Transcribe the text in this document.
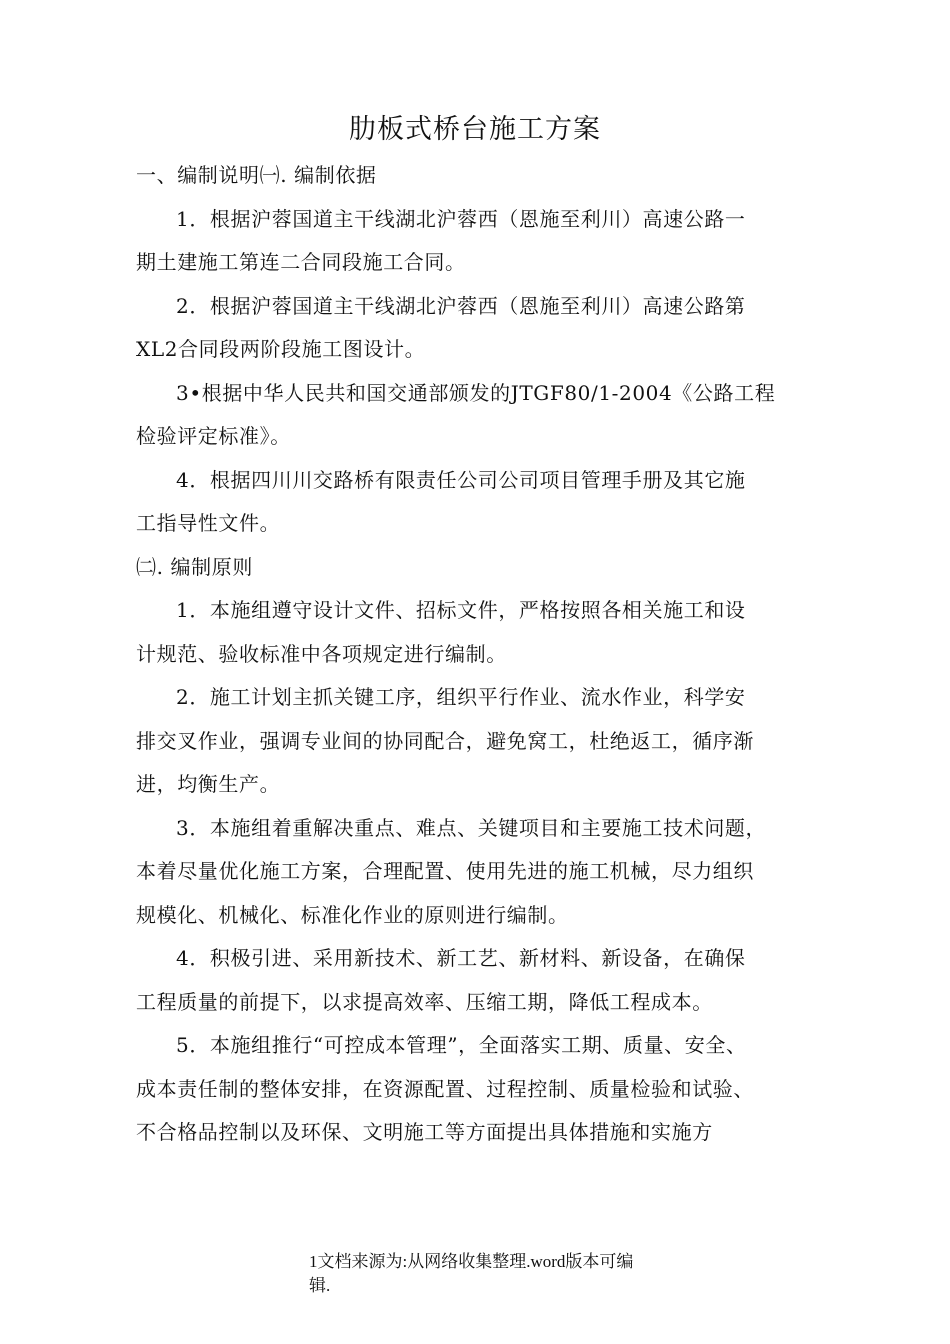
肋板式桥台施工方案
一、编制说明㈠. 编制依据
1．根据沪蓉国道主干线湖北沪蓉西（恩施至利川）高速公路一
期土建施工第连二合同段施工合同。
2．根据沪蓉国道主干线湖北沪蓉西（恩施至利川）高速公路第
XL2合同段两阶段施工图设计。
3•根据中华人民共和国交通部颁发的JTGF80/1-2004《公路工程
检验评定标准》。
4．根据四川川交路桥有限责任公司公司项目管理手册及其它施
工指导性文件。
㈡. 编制原则
1．本施组遵守设计文件、招标文件，严格按照各相关施工和设
计规范、验收标准中各项规定进行编制。
2．施工计划主抓关键工序，组织平行作业、流水作业，科学安
排交叉作业，强调专业间的协同配合，避免窝工，杜绝返工，循序渐
进，均衡生产。
3．本施组着重解决重点、难点、关键项目和主要施工技术问题，
本着尽量优化施工方案，合理配置、使用先进的施工机械，尽力组织
规模化、机械化、标准化作业的原则进行编制。
4．积极引进、采用新技术、新工艺、新材料、新设备，在确保
工程质量的前提下，以求提高效率、压缩工期，降低工程成本。
5．本施组推行“可控成本管理”，全面落实工期、质量、安全、
成本责任制的整体安排，在资源配置、过程控制、质量检验和试验、
不合格品控制以及环保、文明施工等方面提出具体措施和实施方
1文档来源为:从网络收集整理.word版本可编
辑.
